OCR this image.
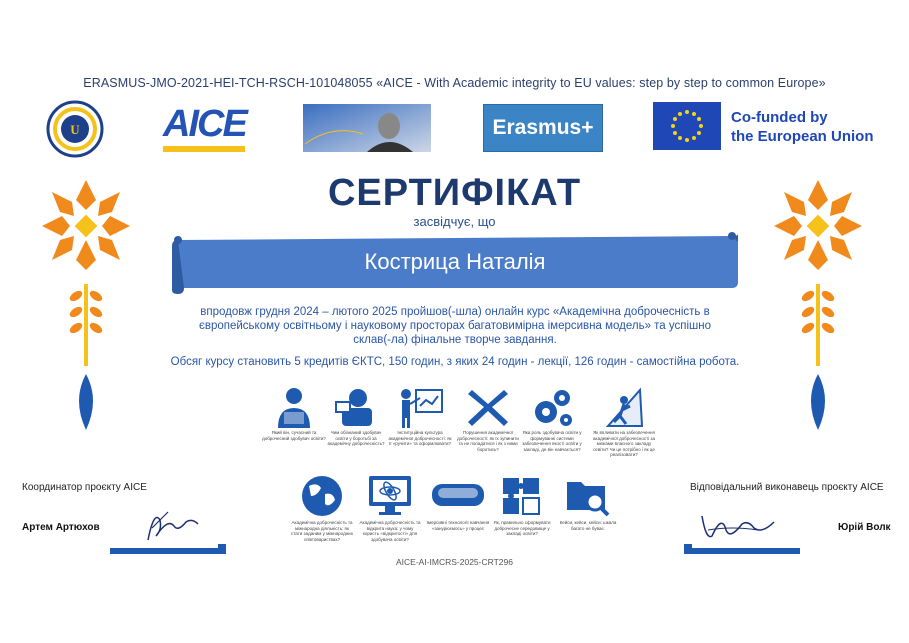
ERASMUS-JMO-2021-HEI-TCH-RSCH-101048055 «AICE - With Academic integrity to EU values: step by step to common Europe»
U AICE	Erasmus+	Co-funded by
the European Union
СЕРТИФІКАТ
засвідчує, що
Кострица Наталія
впродовж грудня 2024 – лютого 2025 пройшов(-шла) онлайн курс «Академічна доброчесність в європейському освітньому і науковому просторах багатовимірна імерсивна модель» та успішно склав(-ла) фінальне творче завдання.
Обсяг курсу становить 5 кредитів ЄКТС, 150 годин, з яких 24 годин - лекції, 126 годин - самостійна робота.
Який він, сучасний та доброчесний здобувач освіти?
Чим обізнаний здобувач освіти у боротьбі за академічну доброчесність?
Інституційна культура академічної доброчесності: як її «ручити» та оформлювати?
Порушення академічної доброчесності: як їх зупинити та не попадатися і як з ними боротись?
Яка роль здобувача освіти у формуванні системи забезпечення якості освіти у закладі, де він навчається?
Як впливати на забезпечення академічної доброчесності за межами власного закладу освіти? Чи це потрібно і як це реалізовати?
Академічна доброчесність та міжнародна діяльність: як стати заданим у міжнародних співтовариствах?
Академічна доброчесність та відкрита наука: у чому користь «відкритості» для здобувача освіти?
Імерсивні технології навчання «занурюємось» у процес
Як, правильно сформувати доброчесне середовище у закладі освіти?
Кейси, кейси, кейси: шкала багато не буває.
Координатор проєкту AICE
Артем Артюхов
Відповідальний виконавець проєкту AICE
Юрій Волк
AICE-AI-IMCRS-2025-CRT296
